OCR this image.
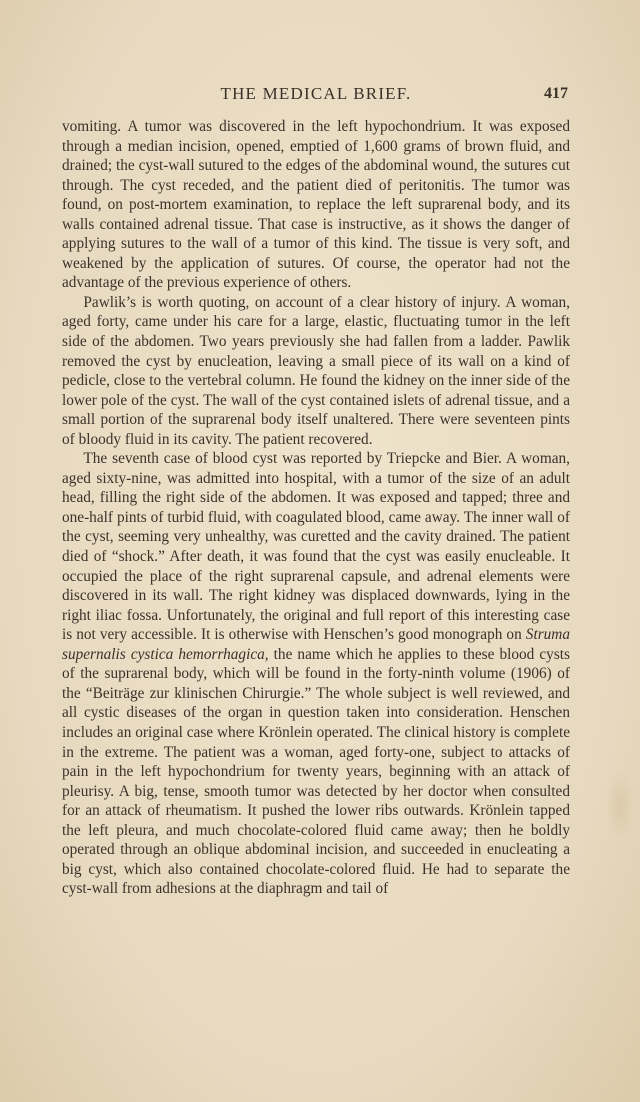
THE MEDICAL BRIEF.	417

vomiting. A tumor was discovered in the left hypochondrium. It was exposed through a median incision, opened, emptied of 1,600 grams of brown fluid, and drained; the cyst-wall sutured to the edges of the abdominal wound, the sutures cut through. The cyst receded, and the patient died of peritonitis. The tumor was found, on post-mortem examination, to replace the left suprarenal body, and its walls contained adrenal tissue. That case is instructive, as it shows the danger of applying sutures to the wall of a tumor of this kind. The tissue is very soft, and weakened by the application of sutures. Of course, the operator had not the advantage of the previous experience of others.

Pawlik’s is worth quoting, on account of a clear history of injury. A woman, aged forty, came under his care for a large, elastic, fluctuating tumor in the left side of the abdomen. Two years previously she had fallen from a ladder. Pawlik removed the cyst by enucleation, leaving a small piece of its wall on a kind of pedicle, close to the vertebral column. He found the kidney on the inner side of the lower pole of the cyst. The wall of the cyst contained islets of adrenal tissue, and a small portion of the suprarenal body itself unaltered. There were seventeen pints of bloody fluid in its cavity. The patient recovered.

The seventh case of blood cyst was reported by Triepcke and Bier. A woman, aged sixty-nine, was admitted into hospital, with a tumor of the size of an adult head, filling the right side of the abdomen. It was exposed and tapped; three and one-half pints of turbid fluid, with coagulated blood, came away. The inner wall of the cyst, seeming very unhealthy, was curetted and the cavity drained. The patient died of “shock.” After death, it was found that the cyst was easily enucleable. It occupied the place of the right suprarenal capsule, and adrenal elements were discovered in its wall. The right kidney was displaced downwards, lying in the right iliac fossa. Unfortunately, the original and full report of this interesting case is not very accessible. It is otherwise with Henschen’s good monograph on Struma supernalis cystica hemorrhagica, the name which he applies to these blood cysts of the suprarenal body, which will be found in the forty-ninth volume (1906) of the “Beiträge zur klinischen Chirurgie.” The whole subject is well reviewed, and all cystic diseases of the organ in question taken into consideration. Henschen includes an original case where Krönlein operated. The clinical history is complete in the extreme. The patient was a woman, aged forty-one, subject to attacks of pain in the left hypochondrium for twenty years, beginning with an attack of pleurisy. A big, tense, smooth tumor was detected by her doctor when consulted for an attack of rheumatism. It pushed the lower ribs outwards. Krönlein tapped the left pleura, and much chocolate-colored fluid came away; then he boldly operated through an oblique abdominal incision, and succeeded in enucleating a big cyst, which also contained chocolate-colored fluid. He had to separate the cyst-wall from adhesions at the diaphragm and tail of
